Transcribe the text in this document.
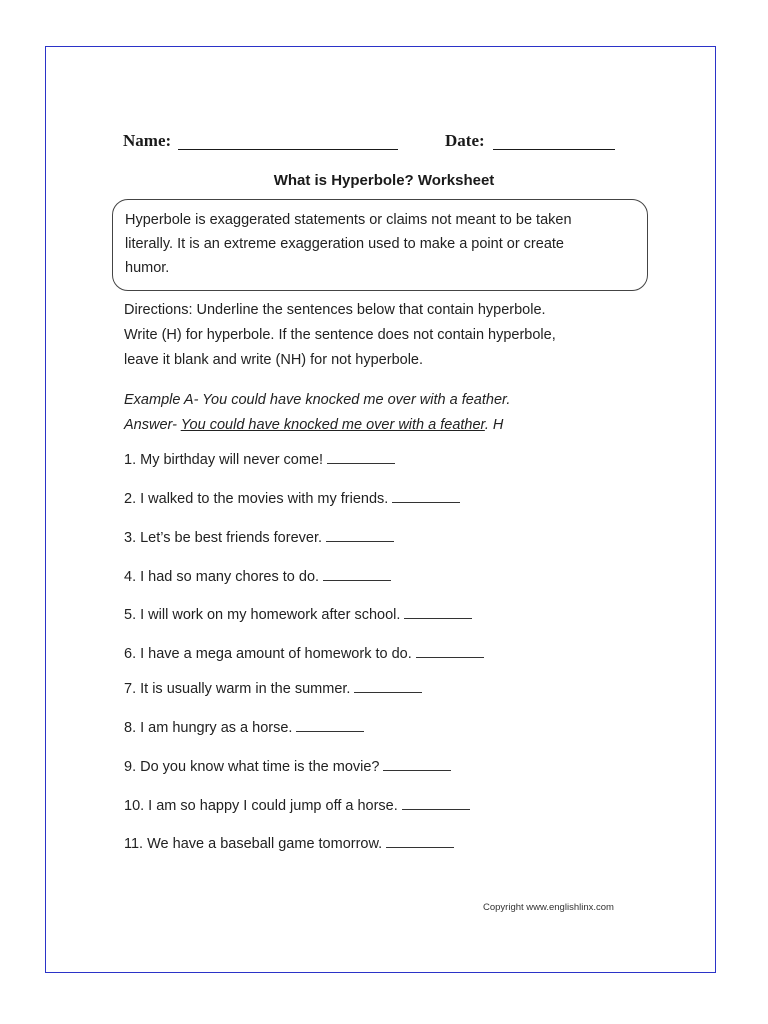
Name:	Date:
What is Hyperbole? Worksheet
Hyperbole is exaggerated statements or claims not meant to be taken
literally. It is an extreme exaggeration used to make a point or create
humor.
Directions: Underline the sentences below that contain hyperbole.
Write (H) for hyperbole. If the sentence does not contain hyperbole,
leave it blank and write (NH) for not hyperbole.
Example A- You could have knocked me over with a feather.
Answer- You could have knocked me over with a feather. H
1. My birthday will never come!
2. I walked to the movies with my friends.
3. Let’s be best friends forever.
4. I had so many chores to do.
5. I will work on my homework after school.
6. I have a mega amount of homework to do.
7. It is usually warm in the summer.
8. I am hungry as a horse.
9. Do you know what time is the movie?
10. I am so happy I could jump off a horse.
11. We have a baseball game tomorrow.
Copyright www.englishlinx.com
